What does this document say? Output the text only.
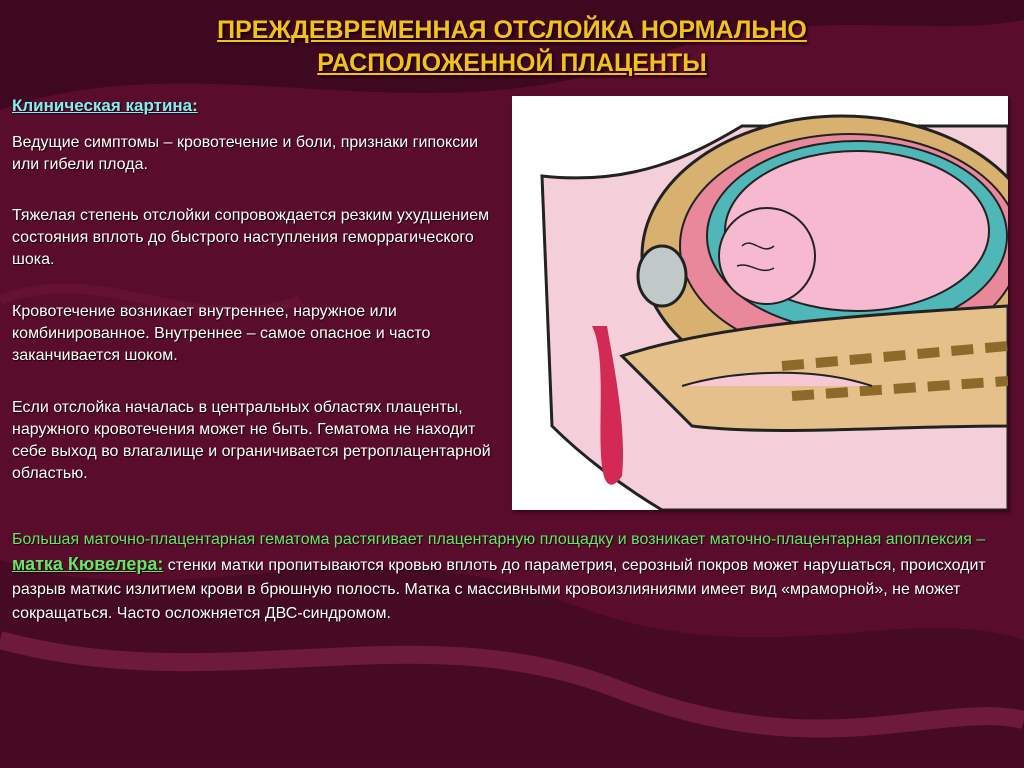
ПРЕЖДЕВРЕМЕННАЯ ОТСЛОЙКА НОРМАЛЬНО
РАСПОЛОЖЕННОЙ ПЛАЦЕНТЫ
Клиническая картина:

Ведущие симптомы – кровотечение и боли, признаки гипоксии или гибели плода.

Тяжелая степень отслойки сопровождается резким ухудшением состояния вплоть до быстрого наступления геморрагического шока.

Кровотечение возникает внутреннее, наружное или комбинированное. Внутреннее – самое опасное и часто заканчивается шоком.

Если отслойка началась в центральных областях плаценты, наружного кровотечения может не быть. Гематома не находит себе выход во влагалище и ограничивается ретроплацентарной областью.

Большая маточно-плацентарная гематома растягивает плацентарную площадку и возникает маточно-плацентарная апоплексия – матка Кювелера: стенки матки пропитываются кровью вплоть до параметрия, серозный покров может нарушаться, происходит разрыв маткис излитием крови в брюшную полость. Матка с массивными кровоизлияниями имеет вид «мраморной», не может сокращаться. Часто осложняется ДВС-синдромом.
